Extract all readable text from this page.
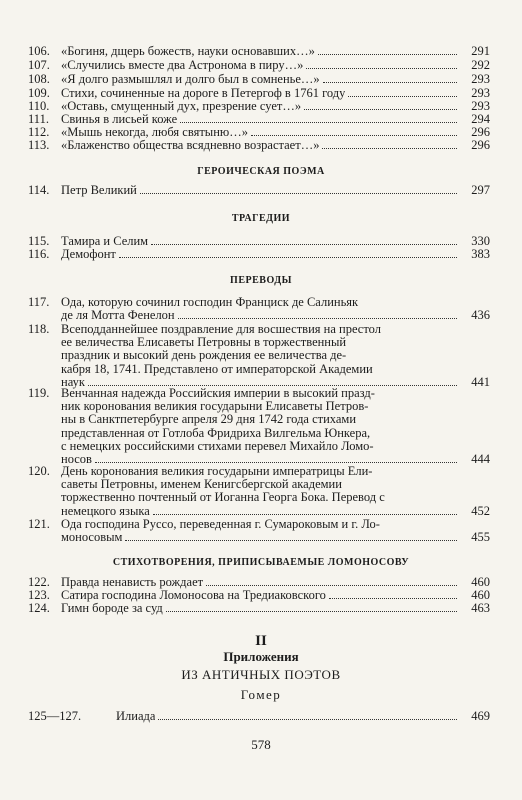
106. «Богиня, дщерь божеств, науки основавших…»	291
107. «Случились вместе два Астронома в пиру…»	292
108. «Я долго размышлял и долго был в сомненье…»	293
109. Стихи, сочиненные на дороге в Петергоф в 1761 году	293
110. «Оставь, смущенный дух, презрение сует…»	293
111. Свинья в лисьей коже	294
112. «Мышь некогда, любя святыню…»	296
113. «Блаженство общества всядневно возрастает…»	296
ГЕРОИЧЕСКАЯ ПОЭМА
114. Петр Великий	297
ТРАГЕДИИ
115. Тамира и Селим	330
116. Демофонт	383
ПЕРЕВОДЫ
117. Ода, которую сочинил господин Франциск де Салиньяк
де ля Мотта Фенелон	436
118. Всеподданнейшее поздравление для восшествия на престол
ее величества Елисаветы Петровны в торжественный
праздник и высокий день рождения ее величества де-
кабря 18, 1741. Представлено от императорской Академии
наук	441
119. Венчанная надежда Российския империи в высокий празд-
ник коронования великия государыни Елисаветы Петров-
ны в Санктпетербурге апреля 29 дня 1742 года стихами
представленная от Готлоба Фридриха Вилгельма Юнкера,
с немецких российскими стихами перевел Михайло Ломо-
носов	444
120. День коронования великия государыни императрицы Ели-
саветы Петровны, именем Кенигсбергской академии
торжественно почтенный от Иоганна Георга Бока. Перевод с
немецкого языка	452
121. Ода господина Руссо, переведенная г. Сумароковым и г. Ло-
моносовым	455
СТИХОТВОРЕНИЯ, ПРИПИСЫВАЕМЫЕ ЛОМОНОСОВУ
122. Правда ненависть рождает	460
123. Сатира господина Ломоносова на Тредиаковского	460
124. Гимн бороде за суд	463
II
Приложения
ИЗ АНТИЧНЫХ ПОЭТОВ
Гомер
125—127.	Илиада	469
578
